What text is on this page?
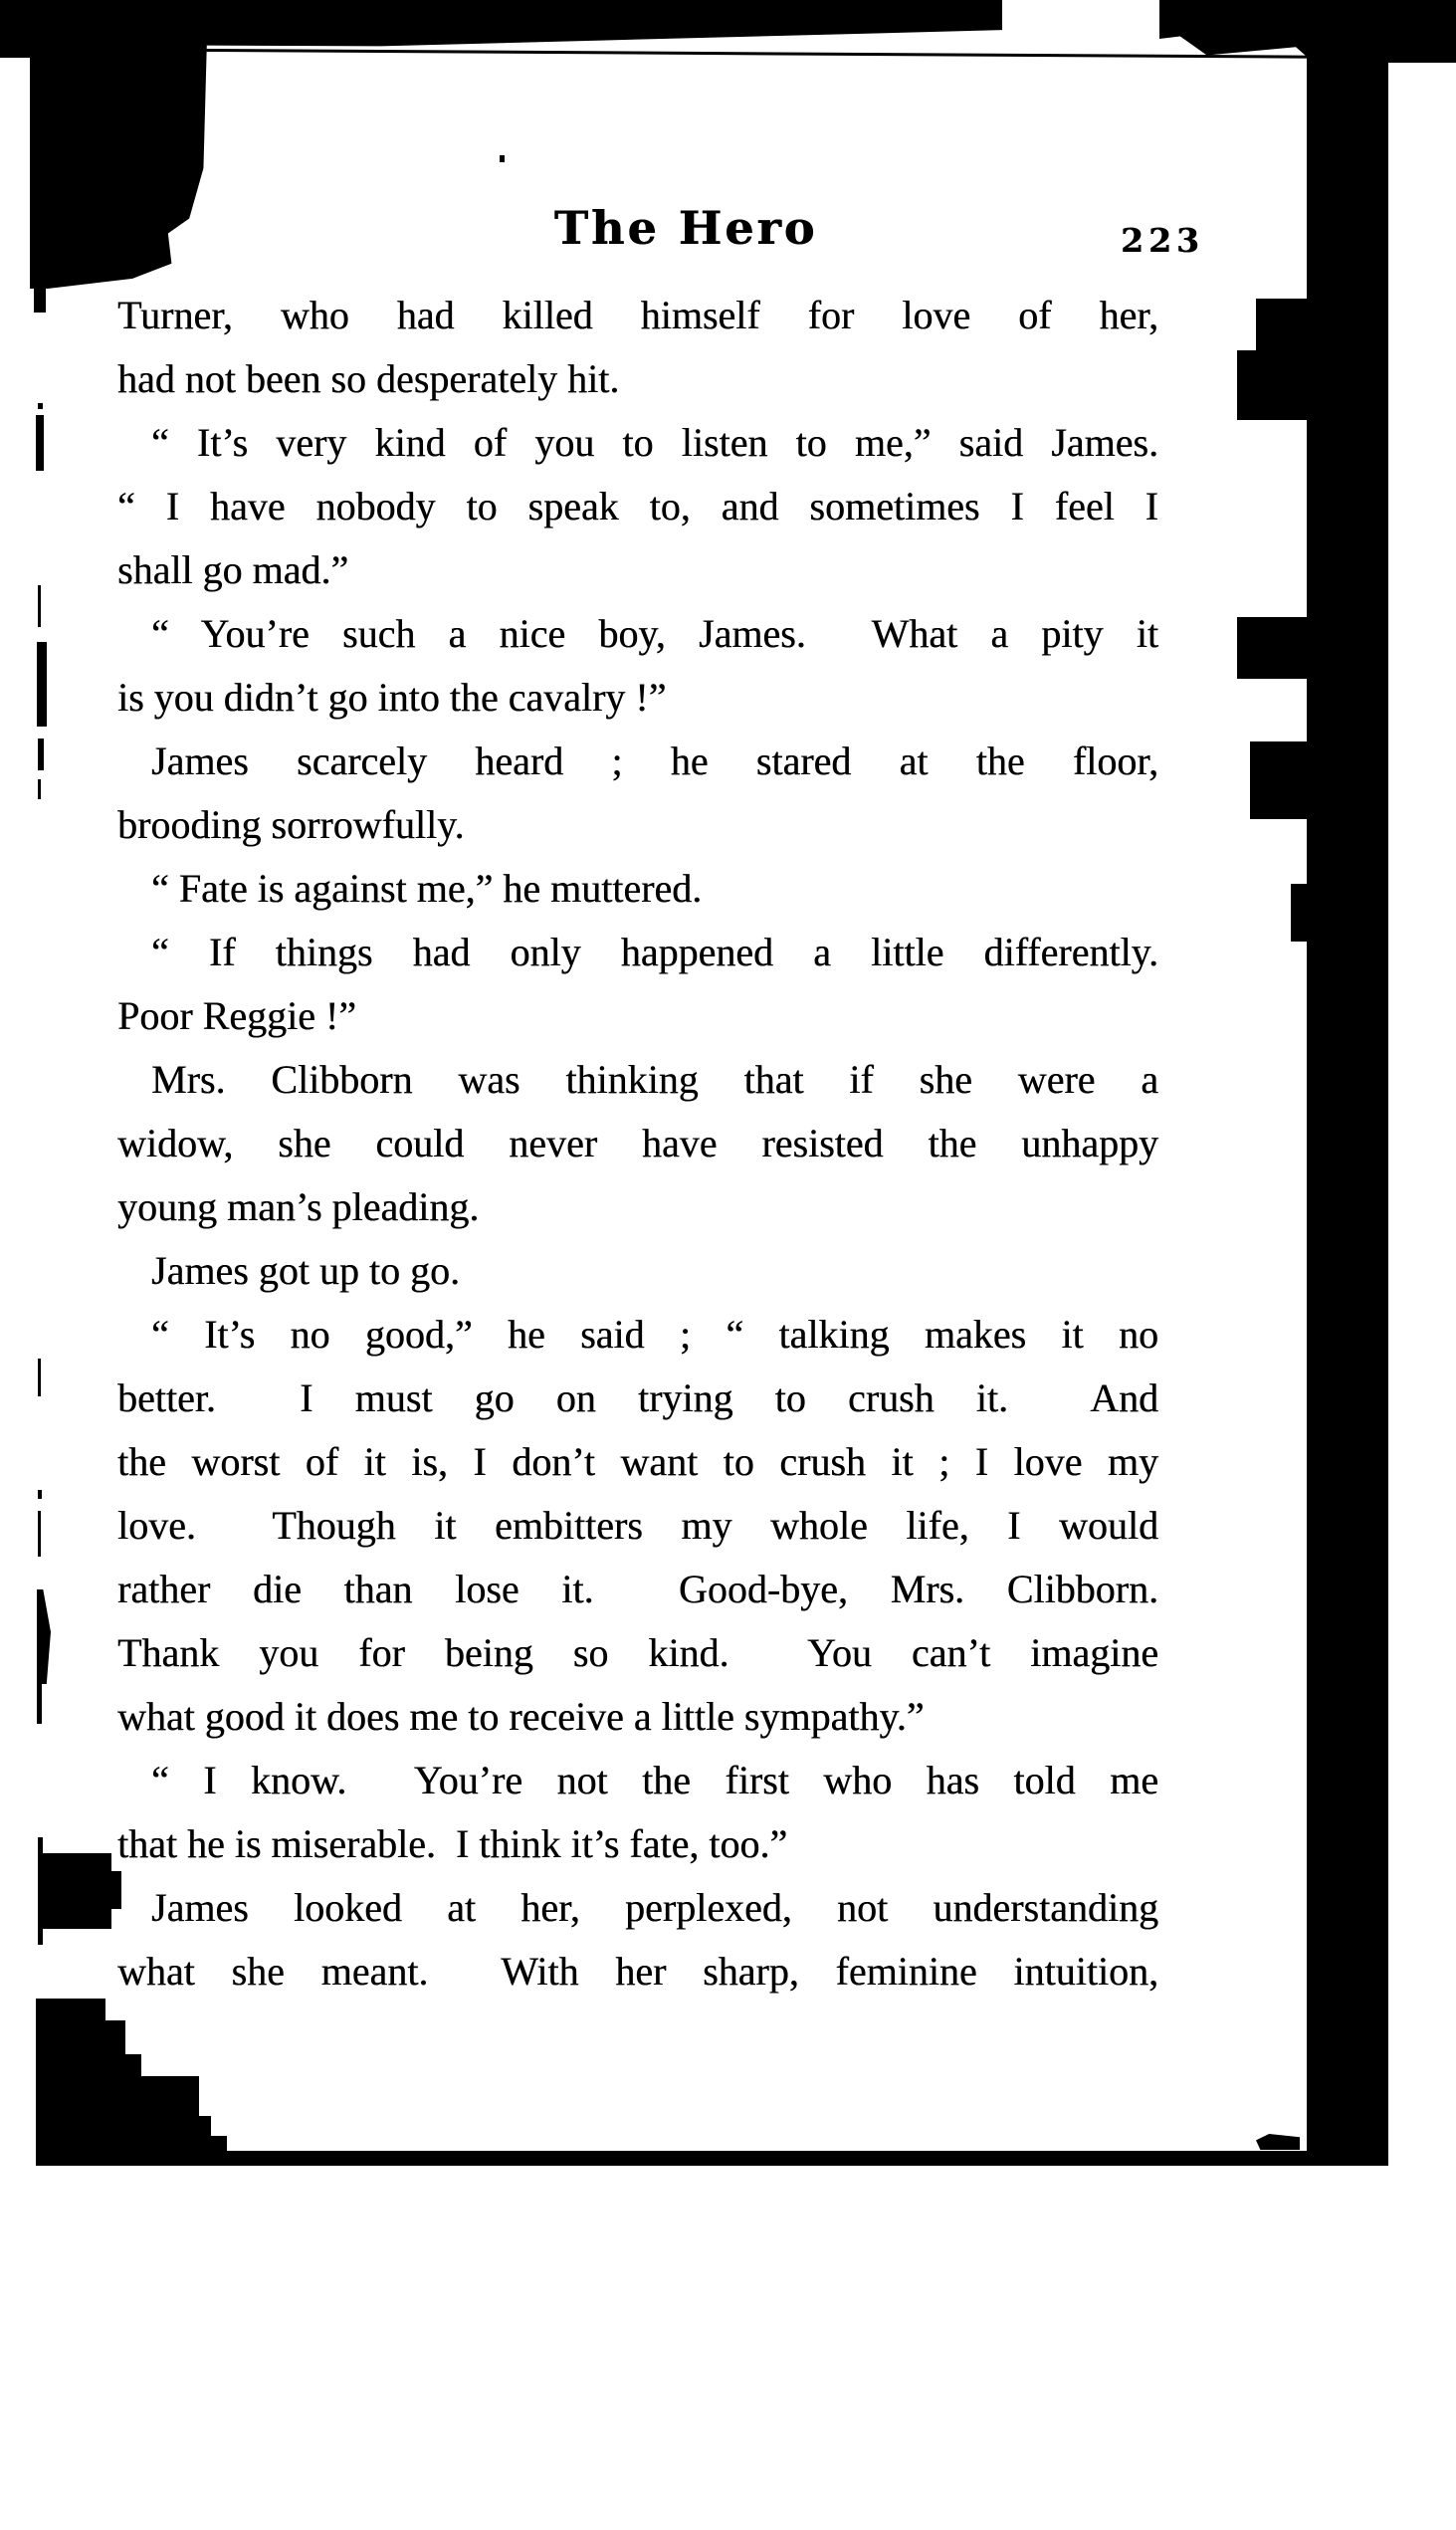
The Hero	223
Turner, who had killed himself for love of her,
had not been so desperately hit.
“ It’s very kind of you to listen to me,” said James.
“ I have nobody to speak to, and sometimes I feel I
shall go mad.”
“ You’re such a nice boy, James.  What a pity it
is you didn’t go into the cavalry !”
James scarcely heard ; he stared at the floor,
brooding sorrowfully.
“ Fate is against me,” he muttered.
“ If things had only happened a little differently.
Poor Reggie !”
Mrs. Clibborn was thinking that if she were a
widow, she could never have resisted the unhappy
young man’s pleading.
James got up to go.
“ It’s no good,” he said ; “ talking makes it no
better.  I must go on trying to crush it.  And
the worst of it is, I don’t want to crush it ; I love my
love.  Though it embitters my whole life, I would
rather die than lose it.  Good-bye, Mrs. Clibborn.
Thank you for being so kind.  You can’t imagine
what good it does me to receive a little sympathy.”
“ I know.  You’re not the first who has told me
that he is miserable.  I think it’s fate, too.”
James looked at her, perplexed, not understanding
what she meant.  With her sharp, feminine intuition,
